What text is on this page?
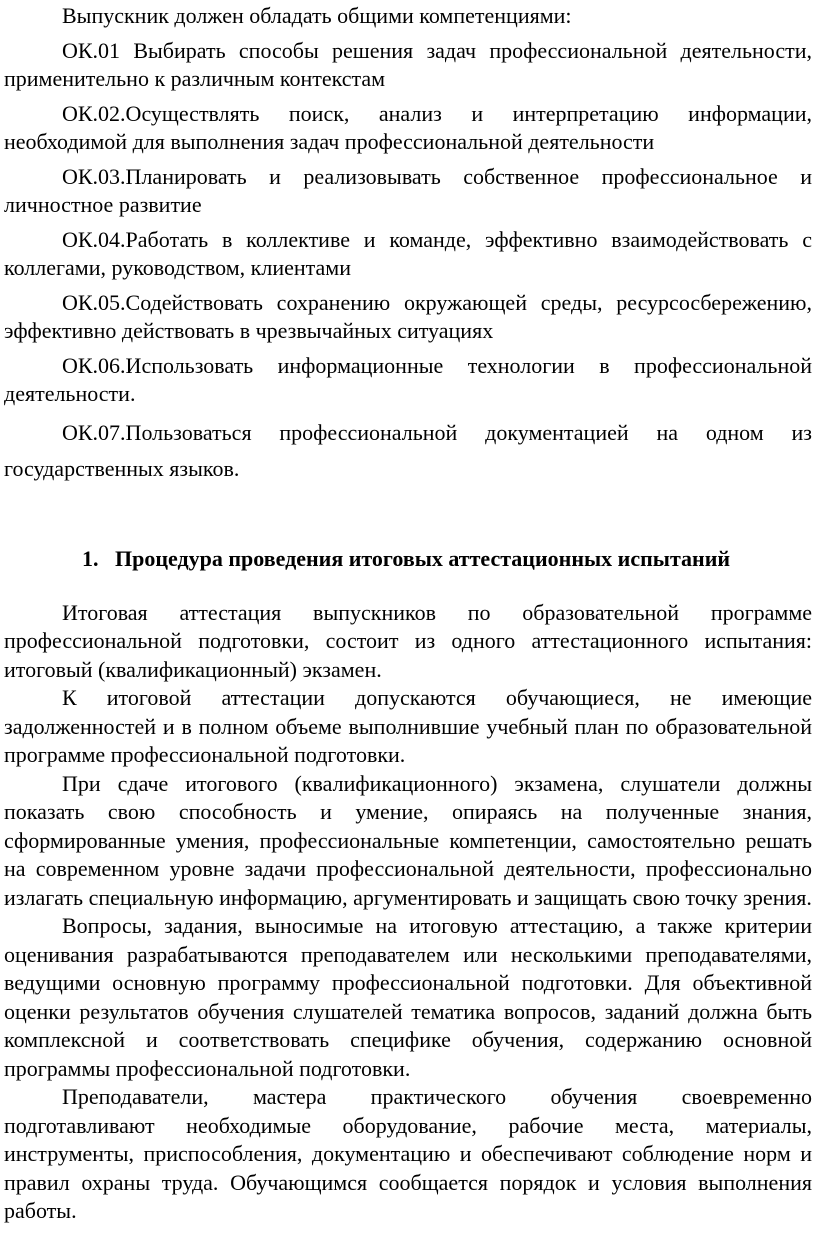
Выпускник должен обладать общими компетенциями:

ОК.01 Выбирать способы решения задач профессиональной деятельности, применительно к различным контекстам

ОК.02.Осуществлять поиск, анализ и интерпретацию информации, необходимой для выполнения задач профессиональной деятельности

ОК.03.Планировать и реализовывать собственное профессиональное и личностное развитие

ОК.04.Работать в коллективе и команде, эффективно взаимодействовать с коллегами, руководством, клиентами

ОК.05.Содействовать сохранению окружающей среды, ресурсосбережению, эффективно действовать в чрезвычайных ситуациях

ОК.06.Использовать информационные технологии в профессиональной деятельности.

ОК.07.Пользоваться профессиональной документацией на одном из государственных языков.

1. Процедура проведения итоговых аттестационных испытаний

Итоговая аттестация выпускников по образовательной программе профессиональной подготовки, состоит из одного аттестационного испытания: итоговый (квалификационный) экзамен.

К итоговой аттестации допускаются обучающиеся, не имеющие задолженностей и в полном объеме выполнившие учебный план по образовательной программе профессиональной подготовки.

При сдаче итогового (квалификационного) экзамена, слушатели должны показать свою способность и умение, опираясь на полученные знания, сформированные умения, профессиональные компетенции, самостоятельно решать на современном уровне задачи профессиональной деятельности, профессионально излагать специальную информацию, аргументировать и защищать свою точку зрения.

Вопросы, задания, выносимые на итоговую аттестацию, а также критерии оценивания разрабатываются преподавателем или несколькими преподавателями, ведущими основную программу профессиональной подготовки. Для объективной оценки результатов обучения слушателей тематика вопросов, заданий должна быть комплексной и соответствовать специфике обучения, содержанию основной программы профессиональной подготовки.

Преподаватели, мастера практического обучения своевременно подготавливают необходимые оборудование, рабочие места, материалы, инструменты, приспособления, документацию и обеспечивают соблюдение норм и правил охраны труда. Обучающимся сообщается порядок и условия выполнения работы.
